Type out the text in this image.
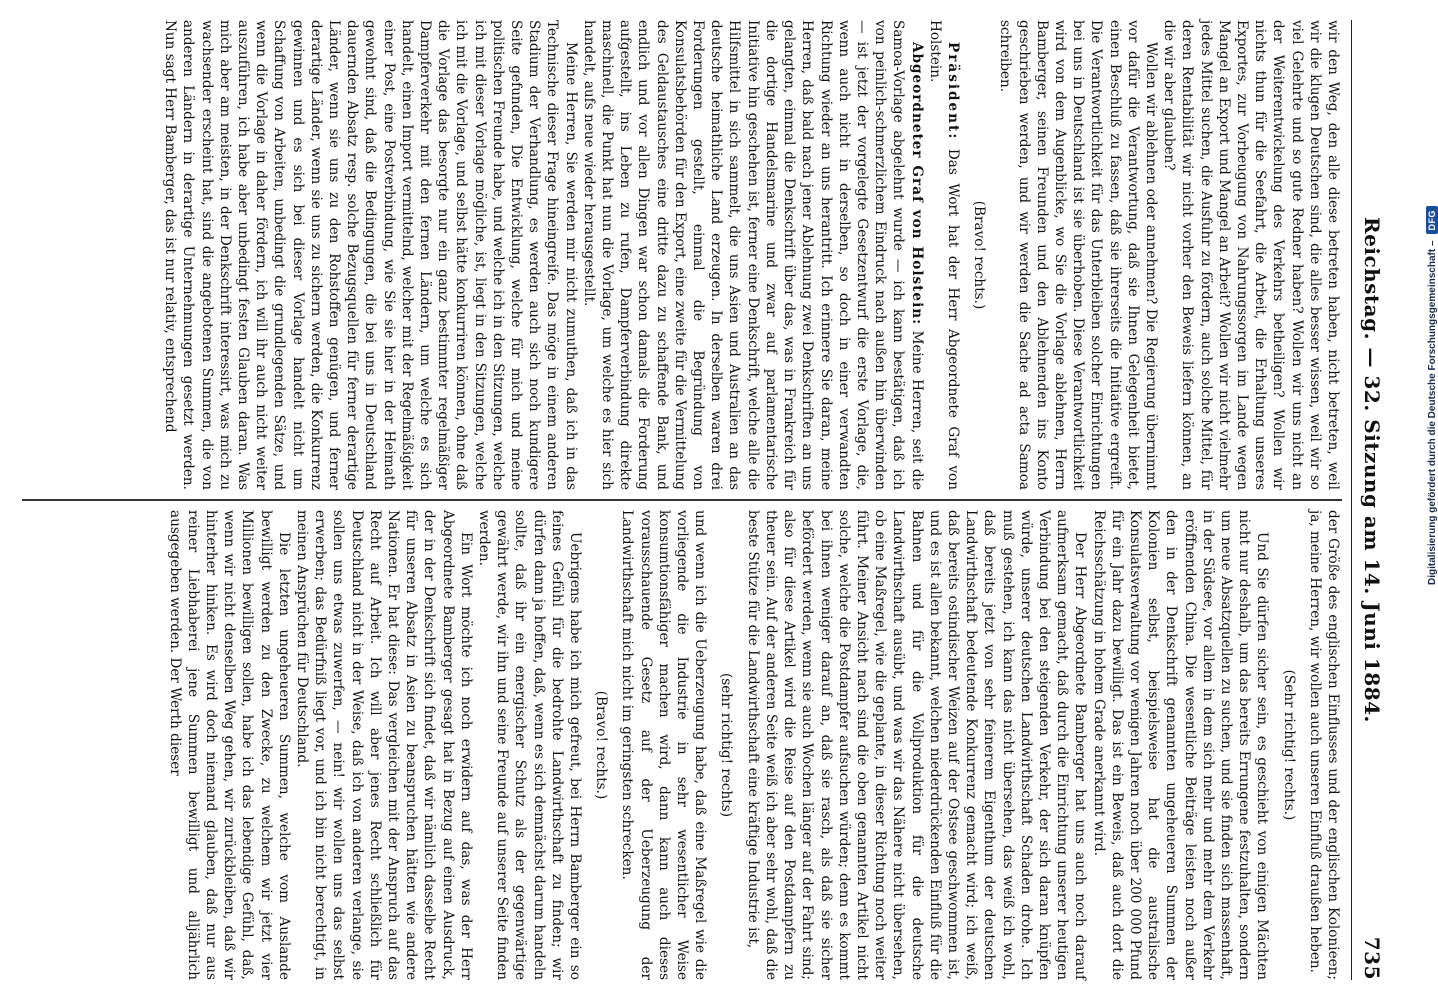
Reichstag. — 32. Sitzung am 14. Juni 1884.
735

wir den Weg, den alle diese betreten haben, nicht betreten, weil wir die klugen Deutschen sind, die alles besser wissen, weil wir so viel Gelehrte und so gute Redner haben? Wollen wir uns nicht an der Weiterentwickelung des Verkehrs betheiligen? Wollen wir nichts thun für die Seefahrt, die Arbeit, die Erhaltung unseres Exportes, zur Vorbeugung von Nahrungssorgen im Lande wegen Mangel an Export und Mangel an Arbeit? Wollen wir nicht vielmehr jedes Mittel suchen, die Ausfuhr zu fördern, auch solche Mittel, für deren Rentabilität wir nicht vorher den Beweis liefern können, an die wir aber glauben?

Wollen wir ablehnen oder annehmen? Die Regierung übernimmt vor dafür die Verantwortung, daß sie Ihnen Gelegenheit bietet, einen Beschluß zu fassen, daß sie ihrerseits die Initiative ergreift. Die Verantwortlichkeit für das Unterbleiben solcher Einrichtungen bei uns in Deutschland ist sie überhoben. Diese Verantwortlichkeit wird von dem Augenblicke, wo Sie die Vorlage ablehnen, Herrn Bamberger, seinen Freunden und den Ablehnenden ins Konto geschrieben werden, und wir werden die Sache ad acta Samoa schreiben.

(Bravo! rechts.)

Präsident: Das Wort hat der Herr Abgeordnete Graf von Holstein.

Abgeordneter Graf von Holstein: Meine Herren, seit die Samoa-Vorlage abgelehnt wurde — ich kann bestätigen, daß ich von peinlich-schmerzlichem Eindruck nach außen hin überwinden — ist jetzt der vorgelegte Gesetzentwurf die erste Vorlage, die, wenn auch nicht in derselben, so doch in einer verwandten Richtung wieder an uns herantritt. Ich erinnere Sie daran, meine Herren, daß bald nach jener Ablehnung zwei Denkschriften an uns gelangten, einmal die Denkschrift über das, was in Frankreich für die dortige Handelsmarine und zwar auf parlamentarische Initiative hin geschehen ist, ferner eine Denkschrift, welche alle die Hilfsmittel in sich sammelt, die uns Asien und Australien an das deutsche heimathliche Land erzeugen. In derselben waren drei Forderungen gestellt, einmal die Begründung von Konsulatsbehörden für den Export, eine zweite für die Vermittelung des Geldaustausches eine dritte dazu zu schaffende Bank, und endlich und vor allen Dingen war schon damals die Forderung aufgestellt, ins Leben zu rufen, Dampferverbindung direkte maschinell, die Punkt hat nun die Vorlage, um welche es hier sich handelt, aufs neue wieder herausgestellt.

Meine Herren, Sie werden mir nicht zumuthen, daß ich in das Technische dieser Frage hineingreife. Das möge in einem anderen Stadium der Verhandlung, es werden auch sich noch kundigere Seite gefunden, Die Entwicklung, welche für mich und meine politischen Freunde habe, und welche ich in den Sitzungen, welche ich mit dieser Vorlage mögliche, ist, liegt in den Sitzungen, welche ich mit die Vorlage, und selbst hätte konkurriren können, ohne daß die Vorlage das besorgte nur ein ganz bestimmter regelmäßiger Dampferverkehr mit den fernen Ländern, um welche es sich handelt, einen Import vermittelnd, welcher mit der Regelmäßigkeit einer Post, eine Postverbindung, wie Sie sie hier in der Heimath gewohnt sind, daß die Bedingungen, die bei uns in Deutschland dauernden Absatz resp. solche Bezugsquellen für ferner derartige Länder, wenn sie uns zu den Rohstoffen genügen, und ferner derartige Länder, wenn sie uns zu sichern werden, die Konkurrenz gewinnen und es sich bei dieser Vorlage handelt nicht um Schaffung von Arbeiten, unbedingt die grundlegenden Sätze, und wenn die Vorlage in daher fördern, ich will ihr auch nicht weiter auszuführen, ich habe aber unbedingt festen Glauben daran. Was mich aber am meisten, in der Denkschrift interessirt, was mich zu wachsender erscheint hat, sind die angebotenen Summen, die von anderen Ländern in derartige Unternehmungen gesetzt werden. Nun sagt Herr Bamberger, das ist nur relativ, entsprechend

der Größe des englischen Einflusses und der englischen Kolonieen; ja, meine Herren, wir wollen auch unseren Einfluß draußen heben.

(Sehr richtig! rechts.)

Und Sie dürfen sicher sein, es geschieht von einigen Mächten nicht nur deshalb, um das bereits Errungene festzuhalten, sondern um neue Absatzquellen zu suchen, und sie finden sich massenhaft, in der Südsee, vor allem in dem sich mehr und mehr dem Verkehr eröffnenden China. Die wesentliche Beiträge leisten noch außer den in der Denkschrift genannten ungeheueren Summen der Kolonien selbst, beispielsweise hat die australische Konsulatsverwaltung vor wenigen Jahren noch über 200 000 Pfund für ein Jahr dazu bewilligt. Das ist ein Beweis, daß auch dort die Reichsschätzung in hohem Grade anerkannt wird.

Der Herr Abgeordnete Bamberger hat uns auch noch darauf aufmerksam gemacht, daß durch die Einrichtung unserer heutigen Verbindung bei den steigenden Verkehr, der sich daran knüpfen würde, unserer deutschen Landwirthschaft Schaden drohe. Ich muß gestehen, ich kann das nicht übersehen, das weiß ich wohl, daß bereits jetzt von sehr feinerem Eigenthum der deutschen Landwirthschaft bedeutende Konkurrenz gemacht wird; ich weiß, daß bereits ostindischer Weizen auf der Ostsee geschwommen ist, und es ist allen bekannt, welchen niederdrückenden Einfluß für die Bahnen und für die Vollproduktion für die deutsche Landwirthschaft ausübt, und was wir das Nähere nicht übersehen, ob eine Maßregel, wie die geplante, in dieser Richtung noch weiter führt. Meiner Ansicht nach sind die oben genannten Artikel nicht solche, welche die Postdampfer aufsuchen würden; denn es kommt bei ihnen weniger darauf an, daß sie rasch, als daß sie sicher befördert werden, wenn sie auch Wochen länger auf der Fahrt sind; also für diese Artikel wird die Reise auf den Postdampfern zu theuer sein. Auf der anderen Seite weiß ich aber sehr wohl, daß die beste Stütze für die Landwirthschaft eine kräftige Industrie ist,

(sehr richtig! rechts)

und wenn ich die Ueberzeugung habe, daß eine Maßregel wie die vorliegende die Industrie in sehr wesentlicher Weise konsumtionsfähiger machen wird, dann kann auch dieses vorausschauende Gesetz auf der Ueberzeugung der Landwirthschaft mich nicht im geringsten schrecken.

(Bravo! rechts.)

Uebrigens habe ich mich gefreut, bei Herrn Bamberger ein so feines Gefühl für die bedrohte Landwirthschaft zu finden; wir dürfen dann ja hoffen, daß, wenn es sich demnächst darum handeln sollte, daß ihr ein energischer Schutz als der gegenwärtige gewährt werde, wir ihn und seine Freunde auf unserer Seite finden werden.

Ein Wort möchte ich noch erwidern auf das, was der Herr Abgeordnete Bamberger gesagt hat in Bezug auf einen Ausdruck, der in der Denkschrift sich findet, daß wir nämlich dasselbe Recht für unseren Absatz in Asien zu beanspruchen hätten wie andere Nationen. Er hat diese: Das vergleichen mit der Anspruch auf das Recht auf Arbeit. Ich will aber jenes Recht schließlich für Deutschland nicht in der Weise, daß ich von anderen verlange, sie sollen uns etwas zuwerfen, — nein! wir wollen uns das selbst erwerben; das Bedürfniß liegt vor, und ich bin nicht berechtigt, in meinen Ansprüchen für Deutschland.

Die letzten ungeheueren Summen, welche vom Auslande bewilligt werden zu den Zwecke, zu welchem wir jetzt vier Millionen bewilligen sollen, habe ich das lebendige Gefühl, daß, wenn wir nicht denselben Weg gehen, wir zurückbleiben, daß wir hinterher hinken. Es wird doch niemand glauben, daß nur aus reiner Liebhaberei jene Summen bewilligt und alljährlich ausgegeben werden. Der Werth dieser

Digitalisierung gefördert durch die Deutsche Forschungsgemeinschaft –
DFG
